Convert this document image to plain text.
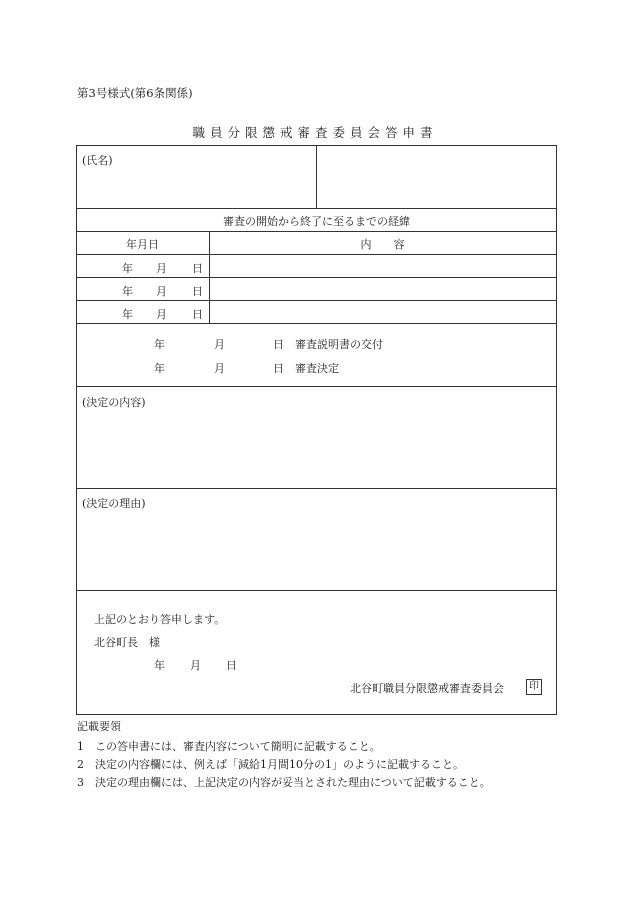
第3号様式(第6条関係)
職員分限懲戒審査委員会答申書
(氏名)
審査の開始から終了に至るまでの経緯
年月日	内　　容
年 月 日
年 月 日
年 月 日
年	月	日 審査説明書の交付
年	月	日 審査決定
(決定の内容)
(決定の理由)
上記のとおり答申します。
北谷町長　様
年 月 日
北谷町職員分限懲戒審査委員会	印
記載要領
1　この答申書には、審査内容について簡明に記載すること。
2　決定の内容欄には、例えば「減給1月間10分の1」のように記載すること。
3　決定の理由欄には、上記決定の内容が妥当とされた理由について記載すること。
